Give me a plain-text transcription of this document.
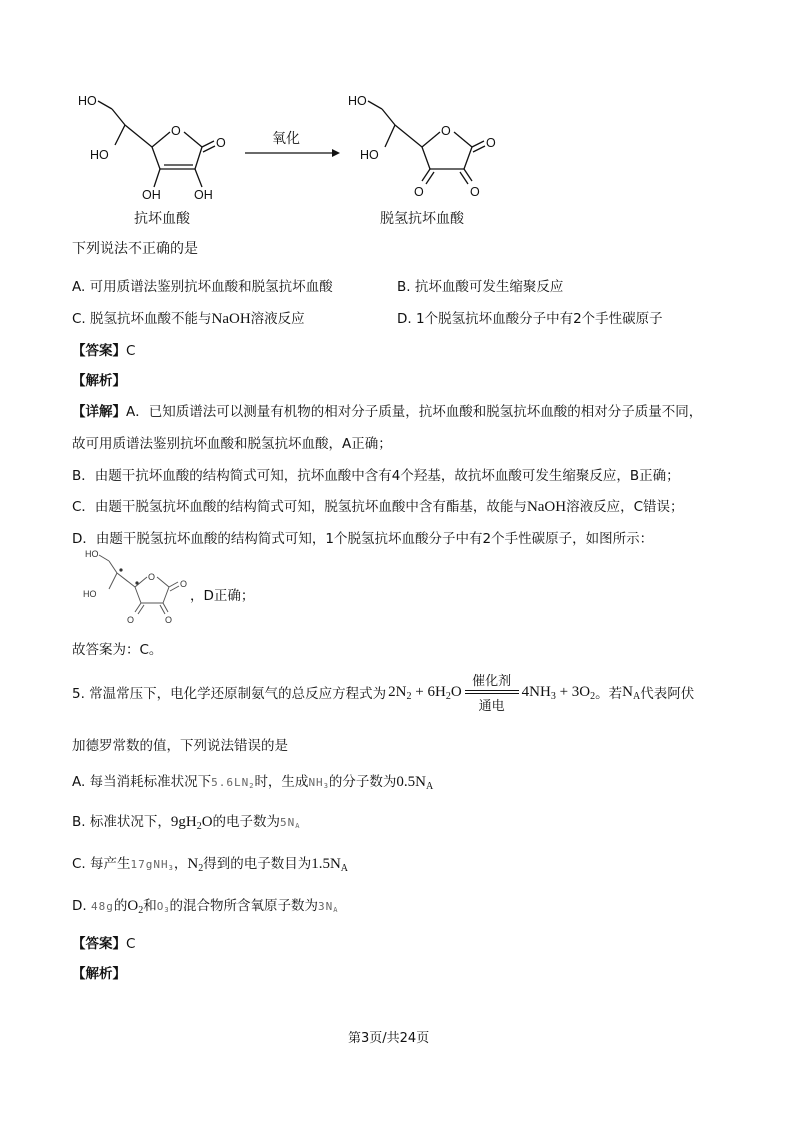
HO
HO
O
O
OH	OH
氧化
HO
HO
O
O
O	O
抗坏血酸	脱氢抗坏血酸
下列说法不正确的是
A. 可用质谱法鉴别抗坏血酸和脱氢抗坏血酸	B. 抗坏血酸可发生缩聚反应
C. 脱氢抗坏血酸不能与NaOH溶液反应	D. 1个脱氢抗坏血酸分子中有2个手性碳原子
【答案】C
【解析】
【详解】A．已知质谱法可以测量有机物的相对分子质量，抗坏血酸和脱氢抗坏血酸的相对分子质量不同，
故可用质谱法鉴别抗坏血酸和脱氢抗坏血酸，A正确；
B．由题干抗坏血酸的结构简式可知，抗坏血酸中含有4个羟基，故抗坏血酸可发生缩聚反应，B正确；
C．由题干脱氢抗坏血酸的结构简式可知，脱氢抗坏血酸中含有酯基，故能与NaOH溶液反应，C错误；
D．由题干脱氢抗坏血酸的结构简式可知，1个脱氢抗坏血酸分子中有2个手性碳原子，如图所示：
HO
HO
O
O
O	O
，D正确；
故答案为：C。
5. 常温常压下，电化学还原制氨气的总反应方程式为 $2N_2 + 6H_2O$
催化剂
通电
$4NH_3 + 3O_2$ 。若 $N_A$ 代表阿伏
加德罗常数的值，下列说法错误的是
A. 每当消耗标准状况下5.6LN2时，生成NH3的分子数为$0.5N_A$
B. 标准状况下，$9gH_2O$的电子数为5NA
C. 每产生17gNH3，$N_2$得到的电子数目为$1.5N_A$
D. 48g的$O_2$和O3的混合物所含氧原子数为3NA
【答案】C
【解析】
第3页/共24页
